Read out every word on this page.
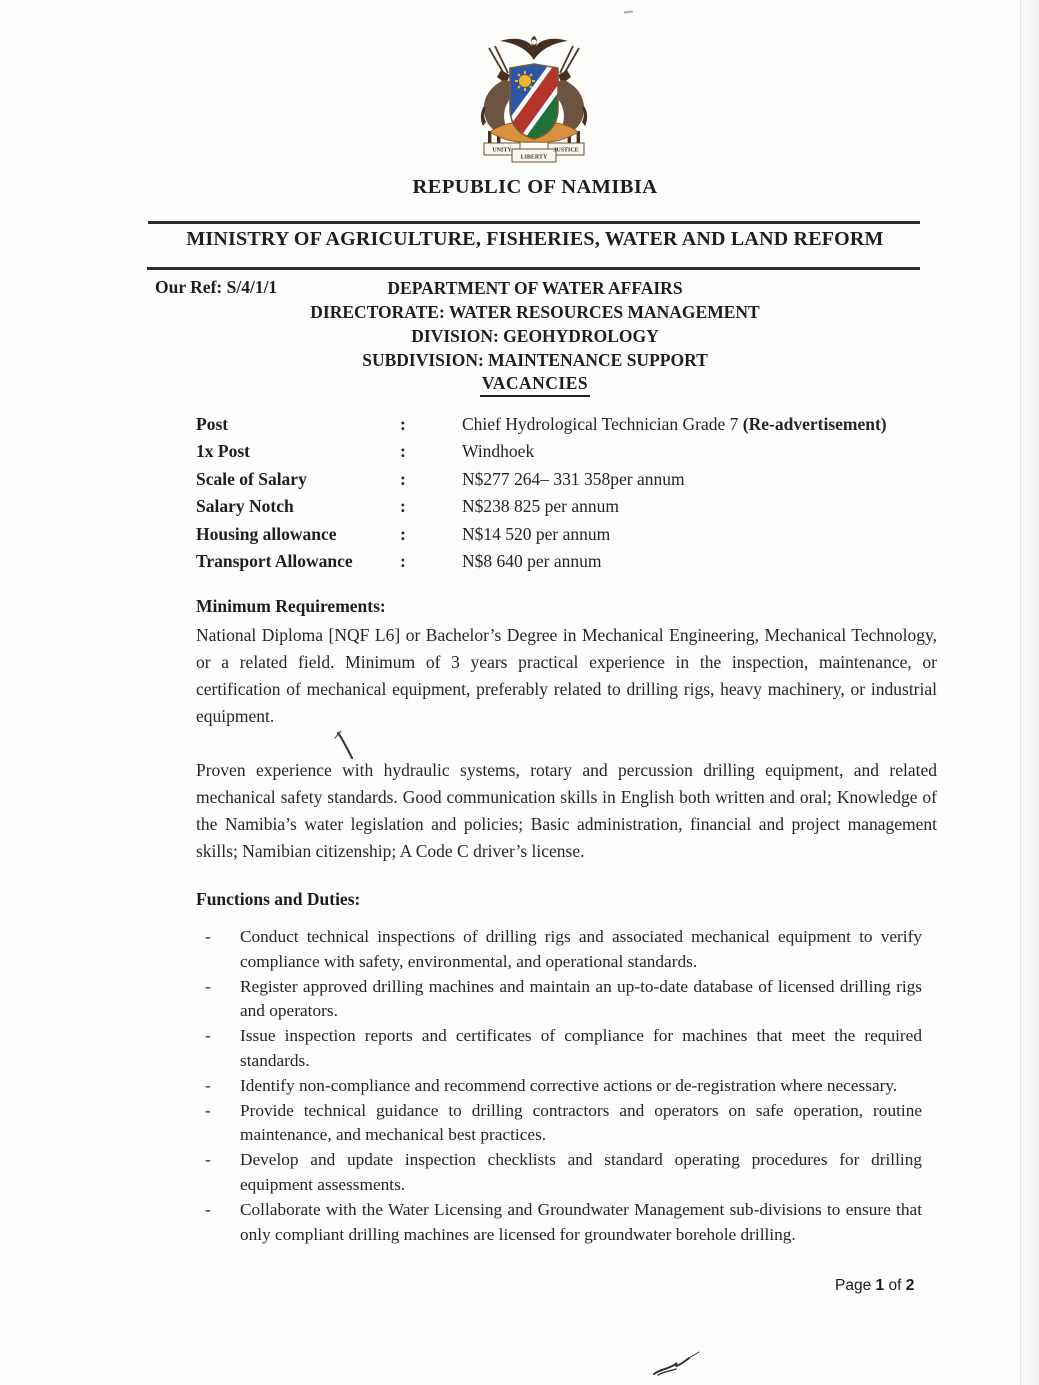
UNITY	JUSTICE
LIBERTY
REPUBLIC OF NAMIBIA
MINISTRY OF AGRICULTURE, FISHERIES, WATER AND LAND REFORM
Our Ref: S/4/1/1	DEPARTMENT OF WATER AFFAIRS
DIRECTORATE: WATER RESOURCES MANAGEMENT
DIVISION: GEOHYDROLOGY
SUBDIVISION: MAINTENANCE SUPPORT
VACANCIES
Post	:	Chief Hydrological Technician Grade 7 (Re-advertisement)
1x Post	:	Windhoek
Scale of Salary	:	N$277 264– 331 358per annum
Salary Notch	:	N$238 825 per annum
Housing allowance	:	N$14 520 per annum
Transport Allowance	:	N$8 640 per annum
Minimum Requirements:
National Diploma [NQF L6] or Bachelor’s Degree in Mechanical Engineering, Mechanical Technology, or a related field. Minimum of 3 years practical experience in the inspection, maintenance, or certification of mechanical equipment, preferably related to drilling rigs, heavy machinery, or industrial equipment.
Proven experience with hydraulic systems, rotary and percussion drilling equipment, and related mechanical safety standards. Good communication skills in English both written and oral; Knowledge of the Namibia’s water legislation and policies; Basic administration, financial and project management skills; Namibian citizenship; A Code C driver’s license.
Functions and Duties:
- Conduct technical inspections of drilling rigs and associated mechanical equipment to verify compliance with safety, environmental, and operational standards.
- Register approved drilling machines and maintain an up-to-date database of licensed drilling rigs and operators.
- Issue inspection reports and certificates of compliance for machines that meet the required standards.
- Identify non-compliance and recommend corrective actions or de-registration where necessary.
- Provide technical guidance to drilling contractors and operators on safe operation, routine maintenance, and mechanical best practices.
- Develop and update inspection checklists and standard operating procedures for drilling equipment assessments.
- Collaborate with the Water Licensing and Groundwater Management sub-divisions to ensure that only compliant drilling machines are licensed for groundwater borehole drilling.
Page 1 of 2
